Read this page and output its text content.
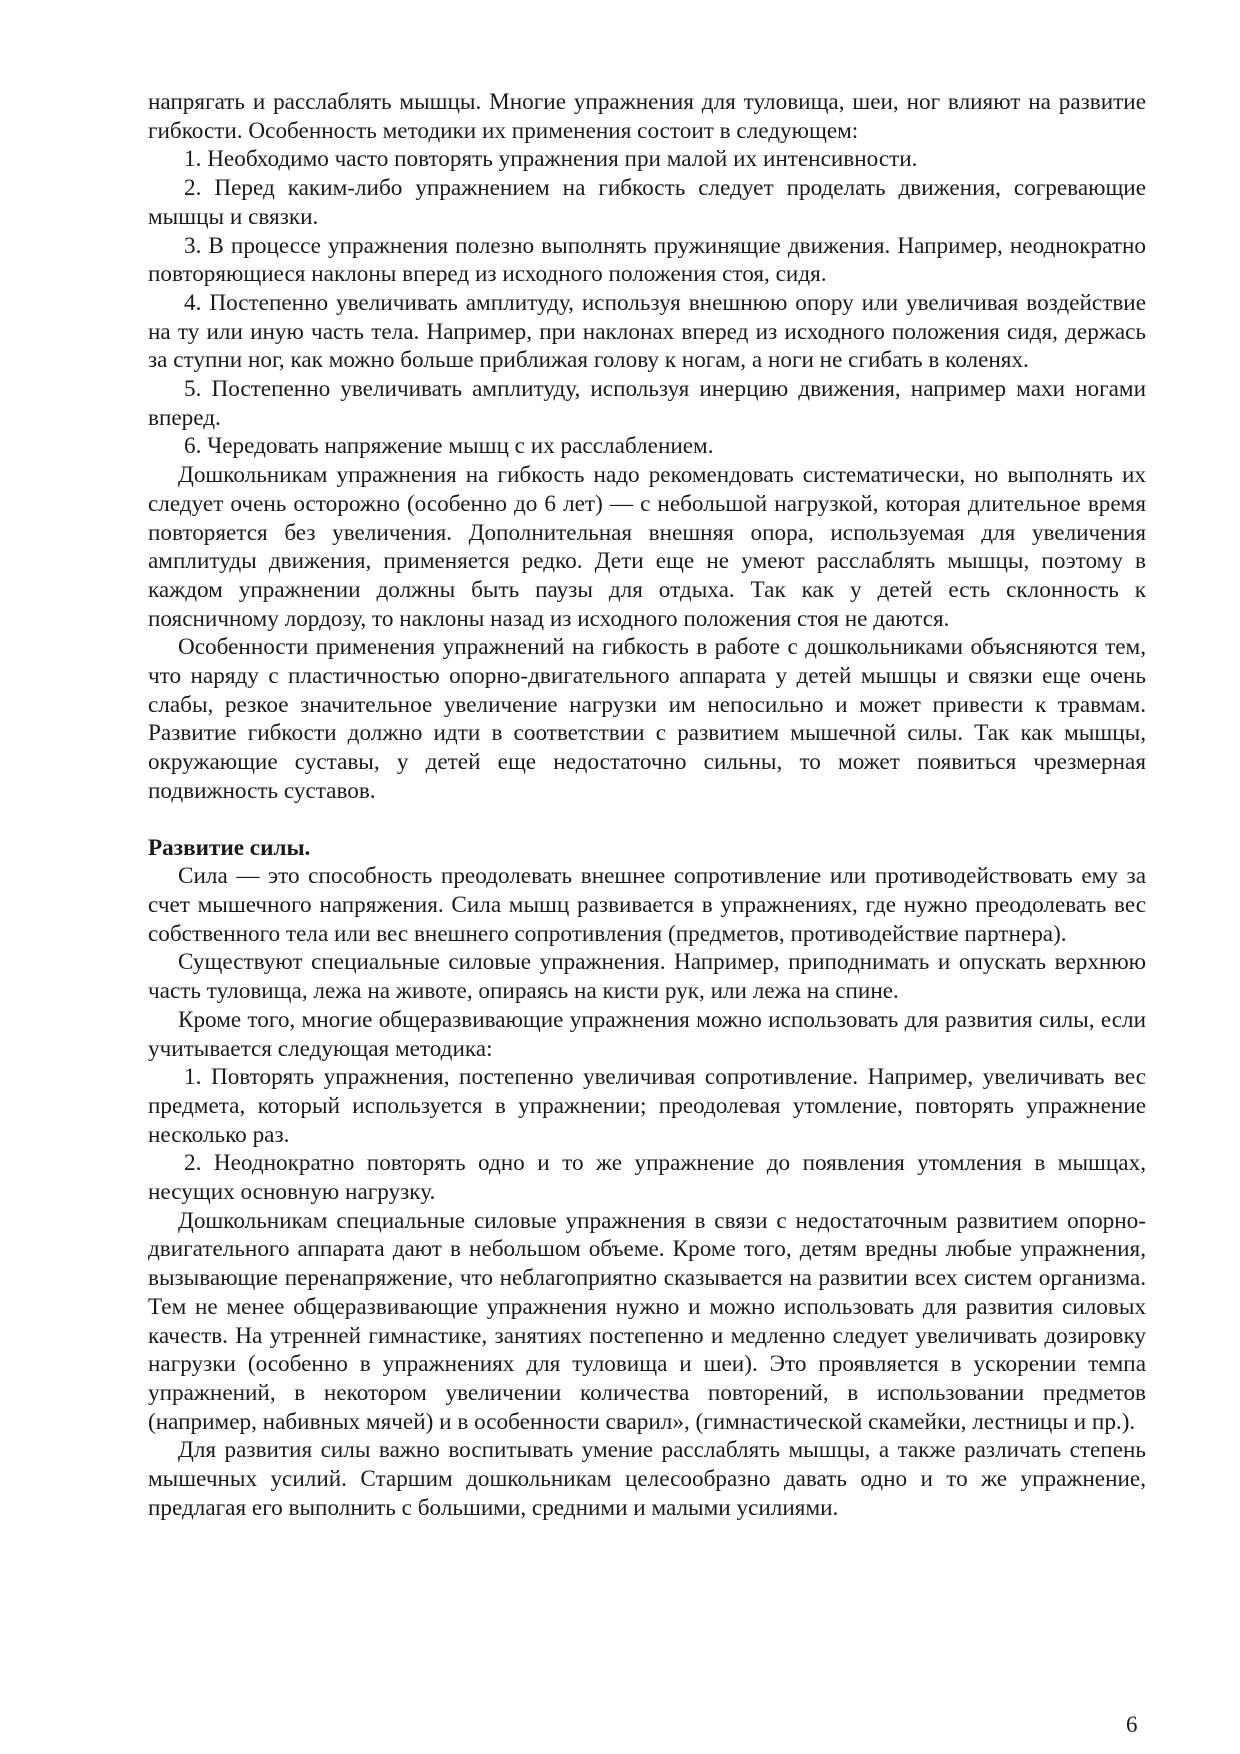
напрягать и расслаблять мышцы. Многие упражнения для туловища, шеи, ног влияют на развитие гибкости. Особенность методики их применения состоит в следующем:

1. Необходимо часто повторять упражнения при малой их интенсивности.

2. Перед каким-либо упражнением на гибкость следует проделать движения, согревающие мышцы и связки.

3. В процессе упражнения полезно выполнять пружинящие движения. Например, неоднократно повторяющиеся наклоны вперед из исходного положения стоя, сидя.

4. Постепенно увеличивать амплитуду, используя внешнюю опору или увеличивая воздействие на ту или иную часть тела. Например, при наклонах вперед из исходного положения сидя, держась за ступни ног, как можно больше приближая голову к ногам, а ноги не сгибать в коленях.

5. Постепенно увеличивать амплитуду, используя инерцию движения, например махи ногами вперед.

6. Чередовать напряжение мышц с их расслаблением.

Дошкольникам упражнения на гибкость надо рекомендовать систематически, но выполнять их следует очень осторожно (особенно до 6 лет) — с небольшой нагрузкой, которая длительное время повторяется без увеличения. Дополнительная внешняя опора, используемая для увеличения амплитуды движения, применяется редко. Дети еще не умеют расслаблять мышцы, поэтому в каждом упражнении должны быть паузы для отдыха. Так как у детей есть склонность к поясничному лордозу, то наклоны назад из исходного положения стоя не даются.

Особенности применения упражнений на гибкость в работе с дошкольниками объясняются тем, что наряду с пластичностью опорно-двигательного аппарата у детей мышцы и связки еще очень слабы, резкое значительное увеличение нагрузки им непосильно и может привести к травмам. Развитие гибкости должно идти в соответствии с развитием мышечной силы. Так как мышцы, окружающие суставы, у детей еще недостаточно сильны, то может появиться чрезмерная подвижность суставов.

Развитие силы.

Сила — это способность преодолевать внешнее сопротивление или противодействовать ему за счет мышечного напряжения. Сила мышц развивается в упражнениях, где нужно преодолевать вес собственного тела или вес внешнего сопротивления (предметов, противодействие партнера).

Существуют специальные силовые упражнения. Например, приподнимать и опускать верхнюю часть туловища, лежа на животе, опираясь на кисти рук, или лежа на спине.

Кроме того, многие общеразвивающие упражнения можно использовать для развития силы, если учитывается следующая методика:

1. Повторять упражнения, постепенно увеличивая сопротивление. Например, увеличивать вес предмета, который используется в упражнении; преодолевая утомление, повторять упражнение несколько раз.

2. Неоднократно повторять одно и то же упражнение до появления утомления в мышцах, несущих основную нагрузку.

Дошкольникам специальные силовые упражнения в связи с недостаточным развитием опорно-двигательного аппарата дают в небольшом объеме. Кроме того, детям вредны любые упражнения, вызывающие перенапряжение, что неблагоприятно сказывается на развитии всех систем организма. Тем не менее общеразвивающие упражнения нужно и можно использовать для развития силовых качеств. На утренней гимнастике, занятиях постепенно и медленно следует увеличивать дозировку нагрузки (особенно в упражнениях для туловища и шеи). Это проявляется в ускорении темпа упражнений, в некотором увеличении количества повторений, в использовании предметов (например, набивных мячей) и в особенности сварил», (гимнастической скамейки, лестницы и пр.).

Для развития силы важно воспитывать умение расслаблять мышцы, а также различать степень мышечных усилий. Старшим дошкольникам целесообразно давать одно и то же упражнение, предлагая его выполнить с большими, средними и малыми усилиями.

6
